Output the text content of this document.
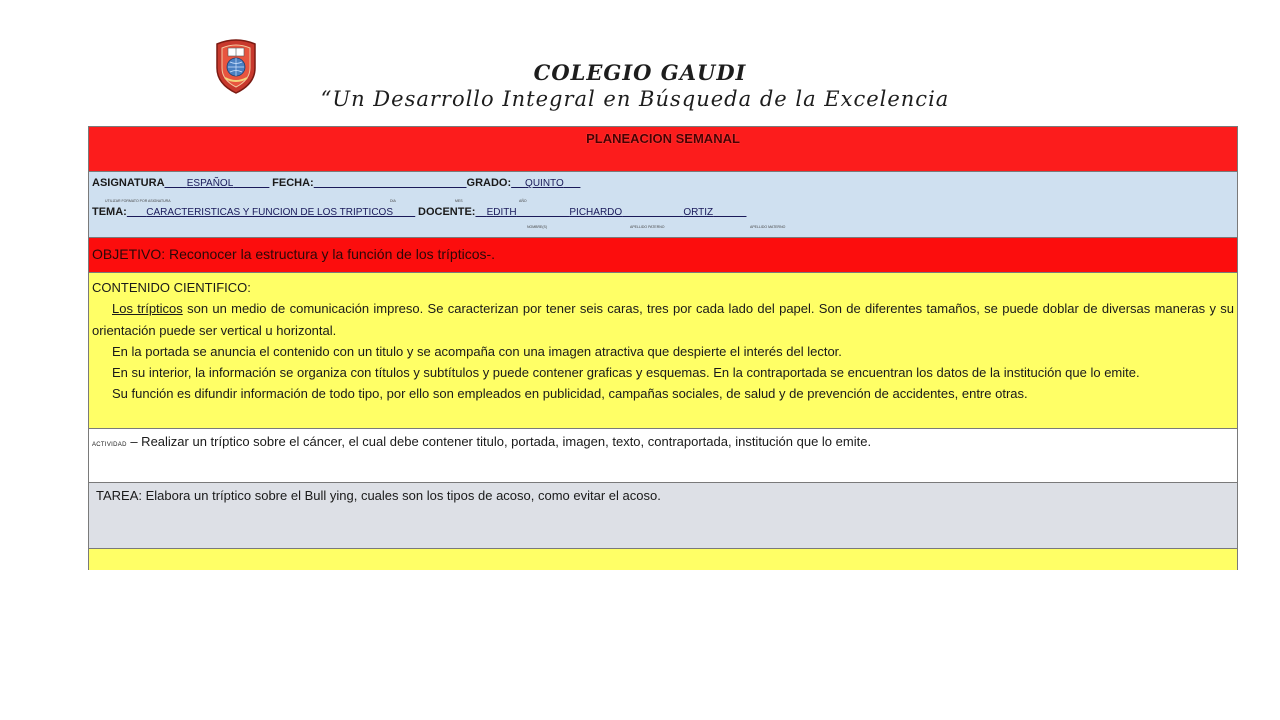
COLEGIO GAUDI
“Un Desarrollo Integral en Búsqueda de la Excelencia
PLANEACION SEMANAL
ASIGNATURA ESPAÑOL	FECHA:	GRADO: QUINTO
UTILIZAR FORMATO POR ASIGNATURA	DIA	MES	AÑO
TEMA: CARACTERISTICAS Y FUNCION DE LOS TRIPTICOS DOCENTE: EDITH	PICHARDO	ORTIZ
NOMBRE(S)	APELLIDO PATERNO	APELLIDO MATERNO
OBJETIVO: Reconocer la estructura y la función de los trípticos-.

CONTENIDO CIENTIFICO:

Los trípticos son un medio de comunicación impreso. Se caracterizan por tener seis caras, tres por cada lado del papel. Son de diferentes tamaños, se puede doblar de diversas maneras y su orientación puede ser vertical u horizontal.

En la portada se anuncia el contenido con un titulo y se acompaña con una imagen atractiva que despierte el interés del lector.

En su interior, la información se organiza con títulos y subtítulos y puede contener graficas y esquemas. En la contraportada se encuentran los datos de la institución que lo emite.

Su función es difundir información de todo tipo, por ello son empleados en publicidad, campañas sociales, de salud y de prevención de accidentes, entre otras.

ACTIVIDAD – Realizar un tríptico sobre el cáncer, el cual debe contener titulo, portada, imagen, texto, contraportada, institución que lo emite.
TAREA: Elabora un tríptico sobre el Bull ying, cuales son los tipos de acoso, como evitar el acoso.
